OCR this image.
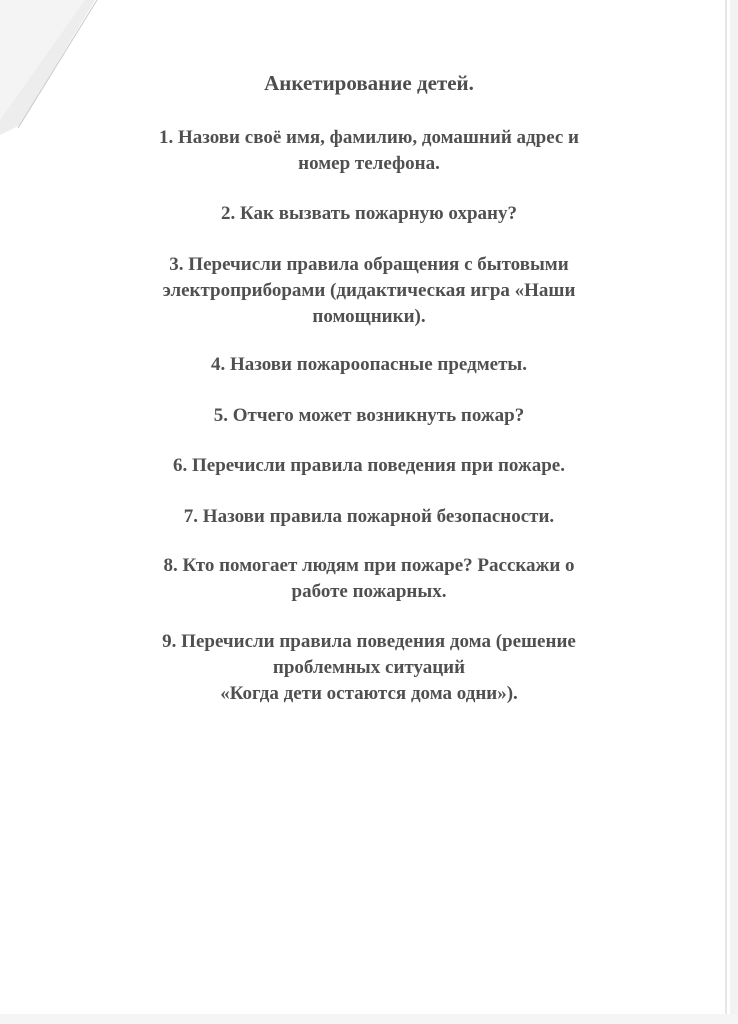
Анкетирование детей.
1. Назови своё имя, фамилию, домашний адрес и
номер телефона.
2. Как вызвать пожарную охрану?
3. Перечисли правила обращения с бытовыми
электроприборами (дидактическая игра «Наши
помощники).
4. Назови пожароопасные предметы.
5. Отчего может возникнуть пожар?
6. Перечисли правила поведения при пожаре.
7. Назови правила пожарной безопасности.
8. Кто помогает людям при пожаре? Расскажи о
работе пожарных.
9. Перечисли правила поведения дома (решение
проблемных ситуаций
«Когда дети остаются дома одни»).
